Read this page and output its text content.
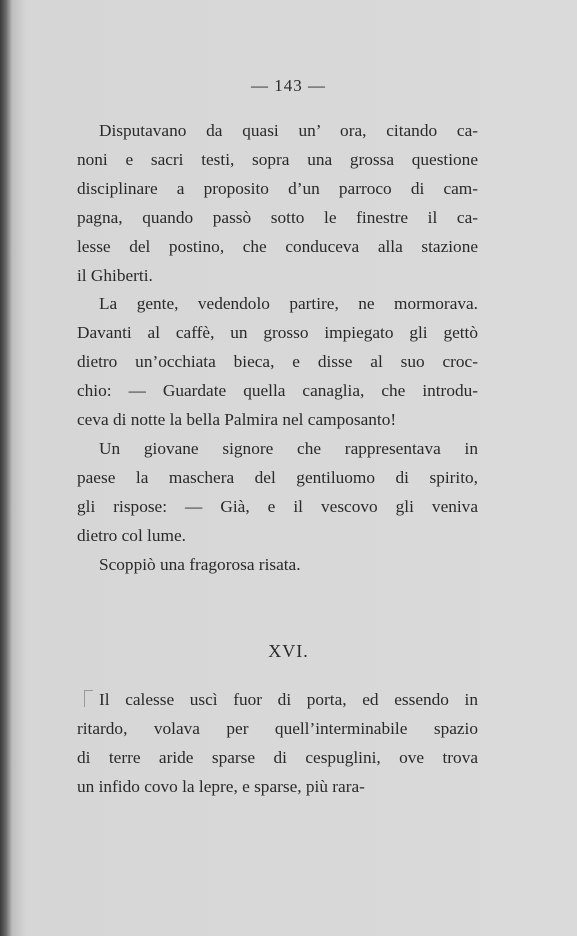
— 143 —

Disputavano da quasi un’ ora, citando ca-
noni e sacri testi, sopra una grossa questione
disciplinare a proposito d’un parroco di cam-
pagna, quando passò sotto le finestre il ca-
lesse del postino, che conduceva alla stazione
il Ghiberti.

La gente, vedendolo partire, ne mormorava.
Davanti al caffè, un grosso impiegato gli gettò
dietro un’occhiata bieca, e disse al suo croc-
chio: — Guardate quella canaglia, che introdu-
ceva di notte la bella Palmira nel camposanto!

Un giovane signore che rappresentava in
paese la maschera del gentiluomo di spirito,
gli rispose: — Già, e il vescovo gli veniva
dietro col lume.

Scoppiò una fragorosa risata.

XVI.

Il calesse uscì fuor di porta, ed essendo in
ritardo, volava per quell’interminabile spazio
di terre aride sparse di cespuglini, ove trova
un infido covo la lepre, e sparse, più rara-
